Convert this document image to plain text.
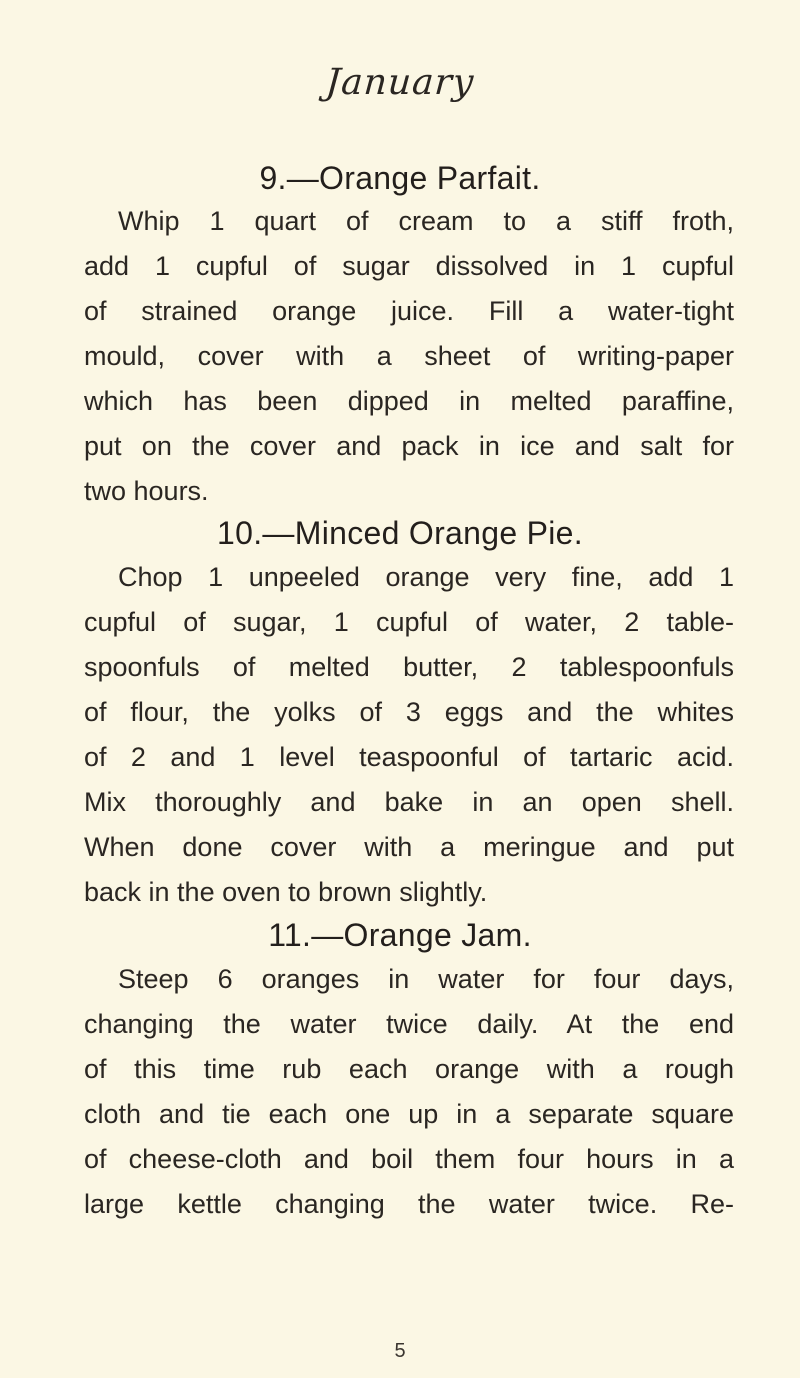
January
9.—Orange Parfait.
Whip 1 quart of cream to a stiff froth,
add 1 cupful of sugar dissolved in 1 cupful
of strained orange juice. Fill a water-tight
mould, cover with a sheet of writing-paper
which has been dipped in melted paraffine,
put on the cover and pack in ice and salt for
two hours.
10.—Minced Orange Pie.
Chop 1 unpeeled orange very fine, add 1
cupful of sugar, 1 cupful of water, 2 table-
spoonfuls of melted butter, 2 tablespoonfuls
of flour, the yolks of 3 eggs and the whites
of 2 and 1 level teaspoonful of tartaric acid.
Mix thoroughly and bake in an open shell.
When done cover with a meringue and put
back in the oven to brown slightly.
11.—Orange Jam.
Steep 6 oranges in water for four days,
changing the water twice daily. At the end
of this time rub each orange with a rough
cloth and tie each one up in a separate square
of cheese-cloth and boil them four hours in a
large kettle changing the water twice. Re-
5
